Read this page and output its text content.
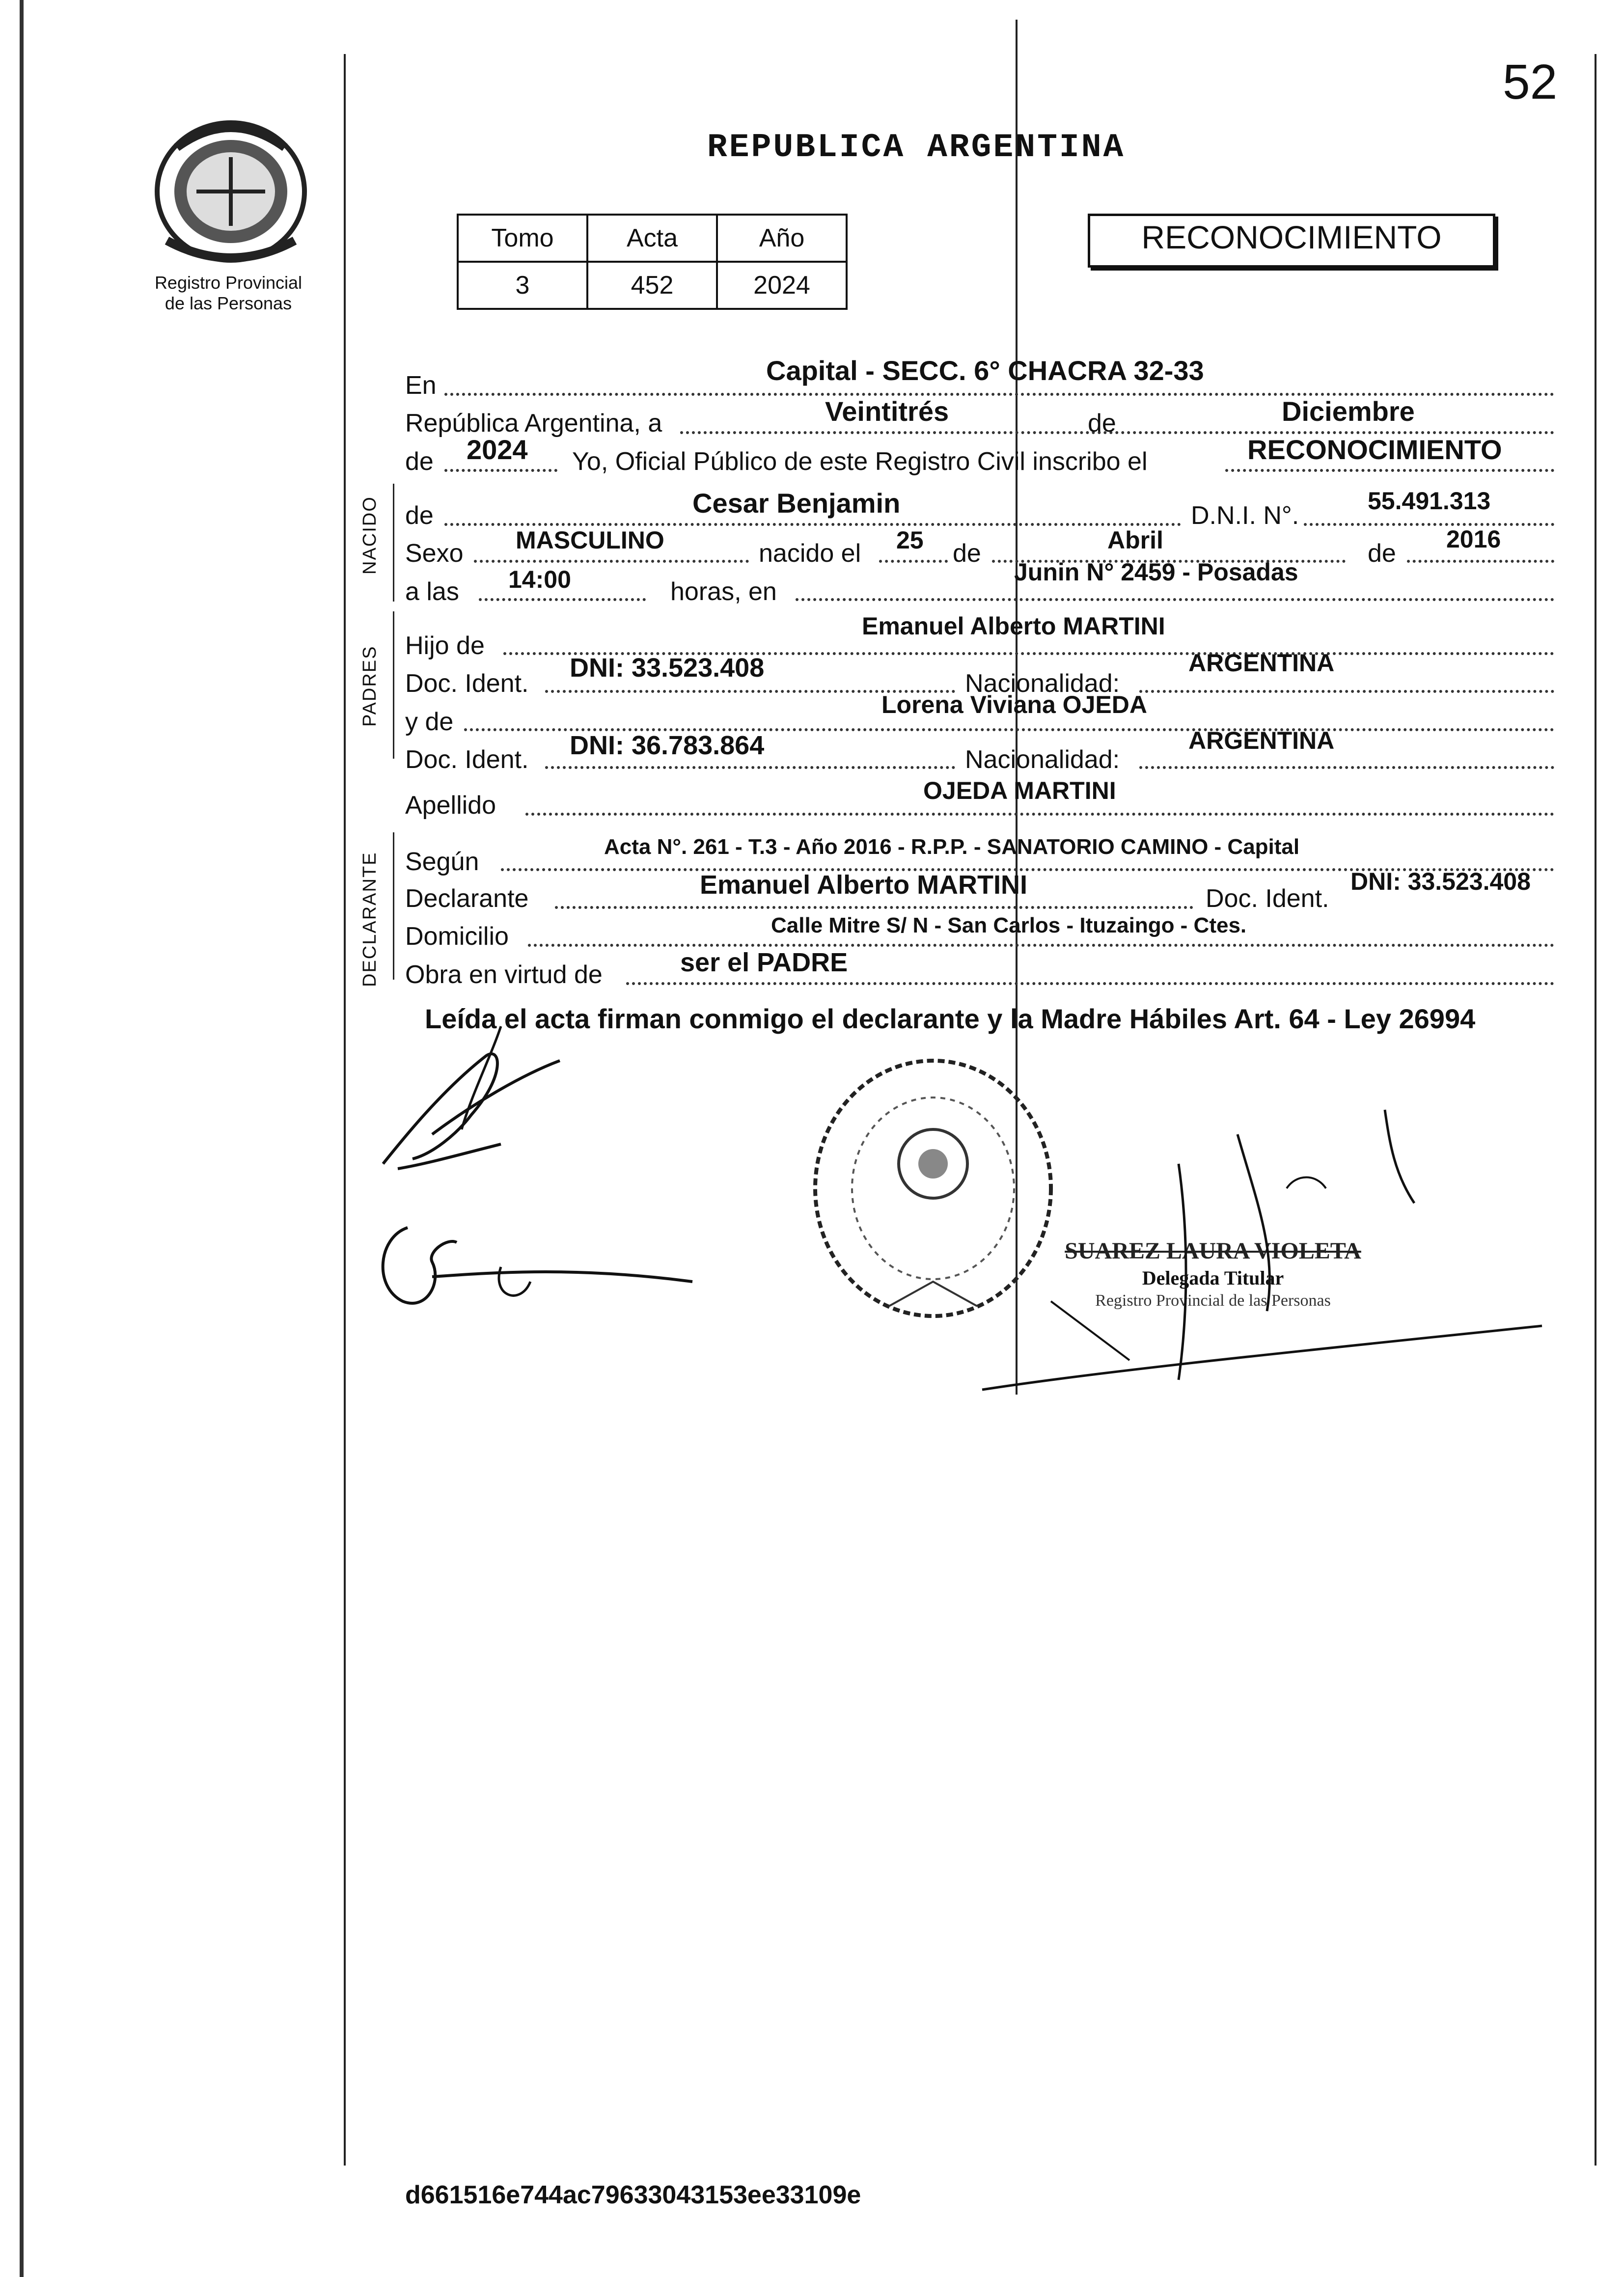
52
Registro Provincial
de las Personas
REPUBLICA ARGENTINA
Tomo	Acta	Año
3	452	2024
RECONOCIMIENTO
En	Capital - SECC. 6° CHACRA 32-33
República Argentina, a	Veintitrés	de	Diciembre
de 2024 Yo, Oficial Público de este Registro Civil inscribo el	RECONOCIMIENTO
NACIDO de	Cesar Benjamin	D.N.I. N°.
55.491.313
Sexo MASCULINO	nacido el 25 de	Abril	de 2016
a las 14:00	horas, en
Junin N° 2459 - Posadas
PADRES Hijo de
Emanuel Alberto MARTINI
Doc. Ident.
DNI: 33.523.408
Nacionalidad:
ARGENTINA
y de
Lorena Viviana OJEDA
Doc. Ident. DNI: 36.783.864	Nacionalidad:
ARGENTINA
Apellido
OJEDA MARTINI
DECLARANTE Según
Acta N°. 261 - T.3 - Año 2016 - R.P.P. - SANATORIO CAMINO - Capital
Declarante	Emanuel Alberto MARTINI	Doc. Ident.
DNI: 33.523.408
Domicilio	Calle Mitre S/ N - San Carlos - Ituzaingo - Ctes.
Obra en virtud de	ser el PADRE
Leída el acta firman conmigo el declarante y la Madre Hábiles Art. 64 - Ley 26994
SUAREZ LAURA VIOLETA
Delegada Titular
Registro Provincial de las Personas
d661516e744ac79633043153ee33109e
